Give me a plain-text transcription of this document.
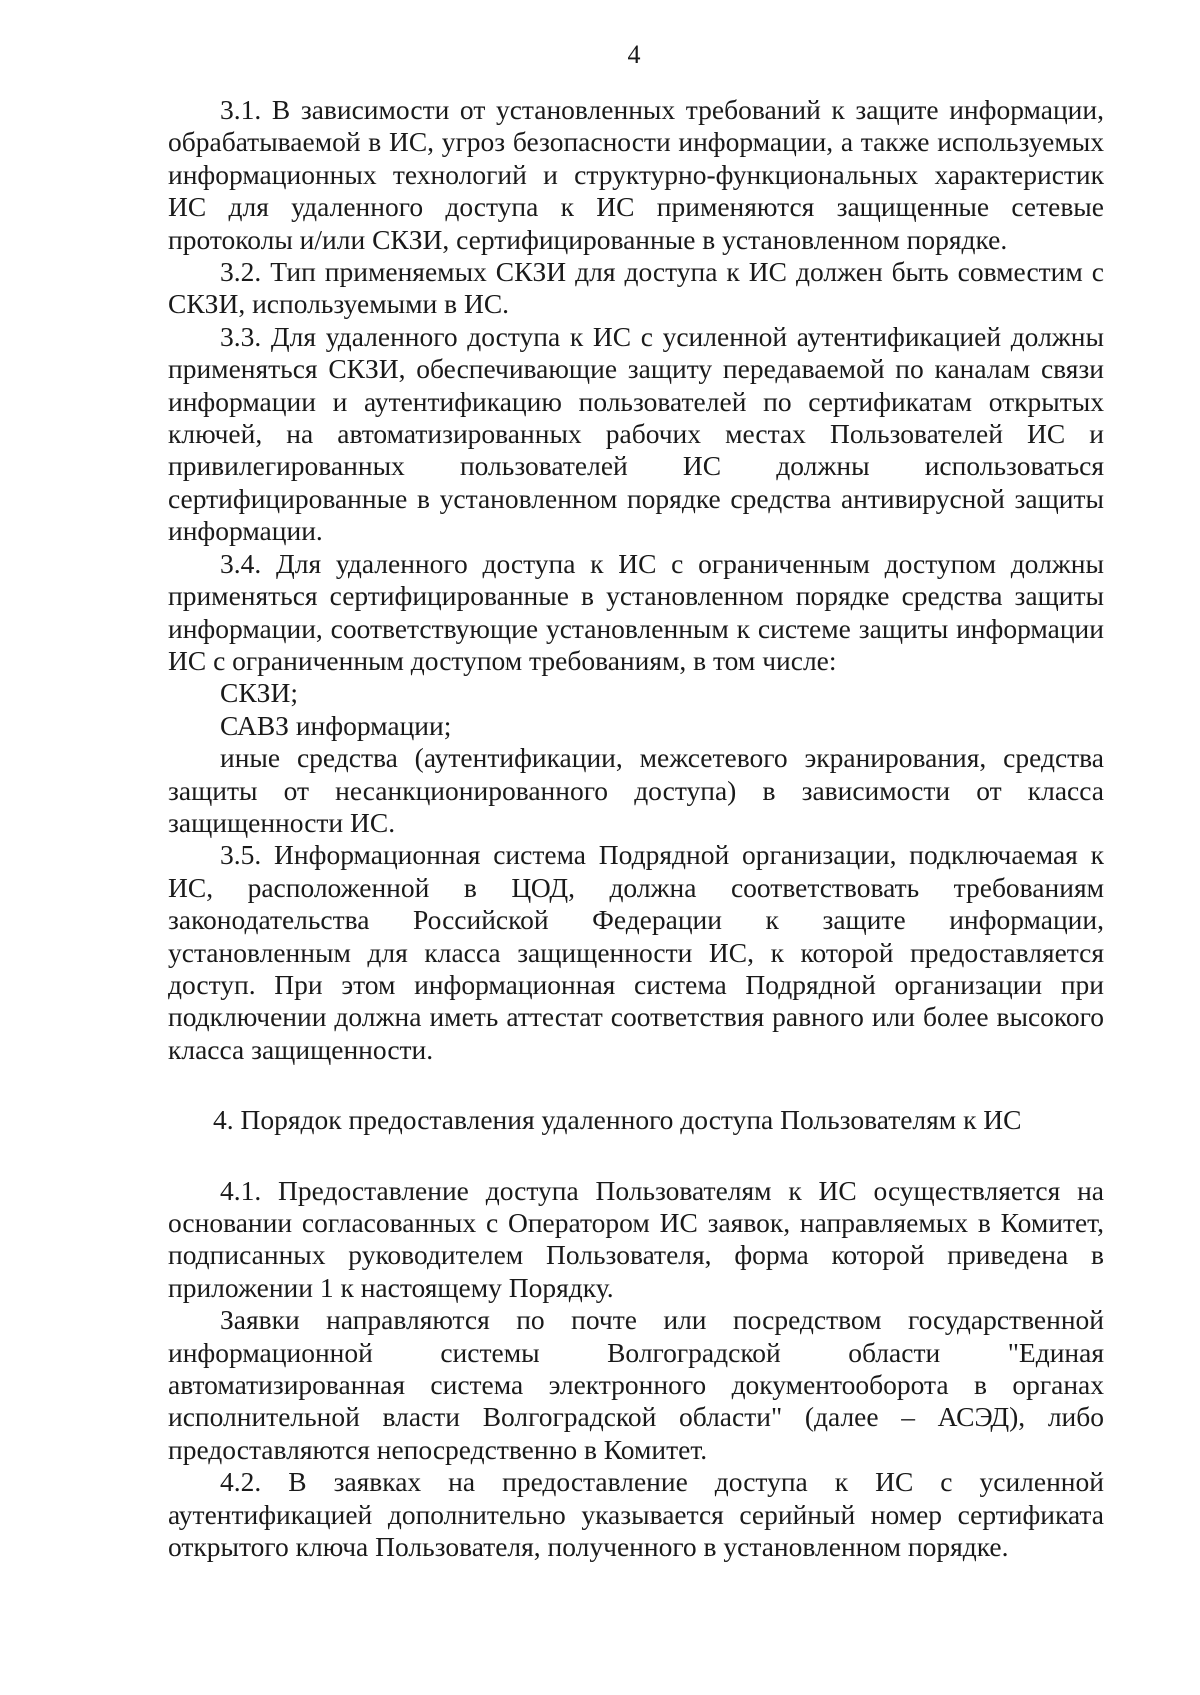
4

3.1. В зависимости от установленных требований к защите информации, обрабатываемой в ИС, угроз безопасности информации, а также используемых информационных технологий и структурно-функциональных характеристик ИС для удаленного доступа к ИС применяются защищенные сетевые протоколы и/или СКЗИ, сертифицированные в установленном порядке.

3.2. Тип применяемых СКЗИ для доступа к ИС должен быть совместим с СКЗИ, используемыми в ИС.

3.3. Для удаленного доступа к ИС с усиленной аутентификацией должны применяться СКЗИ, обеспечивающие защиту передаваемой по каналам связи информации и аутентификацию пользователей по сертификатам открытых ключей, на автоматизированных рабочих местах Пользователей ИС и привилегированных пользователей ИС должны использоваться сертифицированные в установленном порядке средства антивирусной защиты информации.

3.4. Для удаленного доступа к ИС с ограниченным доступом должны применяться сертифицированные в установленном порядке средства защиты информации, соответствующие установленным к системе защиты информации ИС с ограниченным доступом требованиям, в том числе:

СКЗИ;

САВЗ информации;

иные средства (аутентификации, межсетевого экранирования, средства защиты от несанкционированного доступа) в зависимости от класса защищенности ИС.

3.5. Информационная система Подрядной организации, подключаемая к ИС, расположенной в ЦОД, должна соответствовать требованиям законодательства Российской Федерации к защите информации, установленным для класса защищенности ИС, к которой предоставляется доступ. При этом информационная система Подрядной организации при подключении должна иметь аттестат соответствия равного или более высокого класса защищенности.

4. Порядок предоставления удаленного доступа Пользователям к ИС

4.1. Предоставление доступа Пользователям к ИС осуществляется на основании согласованных с Оператором ИС заявок, направляемых в Комитет, подписанных руководителем Пользователя, форма которой приведена в приложении 1 к настоящему Порядку.

Заявки направляются по почте или посредством государственной информационной системы Волгоградской области "Единая автоматизированная система электронного документооборота в органах исполнительной власти Волгоградской области" (далее – АСЭД), либо предоставляются непосредственно в Комитет.

4.2. В заявках на предоставление доступа к ИС с усиленной аутентификацией дополнительно указывается серийный номер сертификата открытого ключа Пользователя, полученного в установленном порядке.
